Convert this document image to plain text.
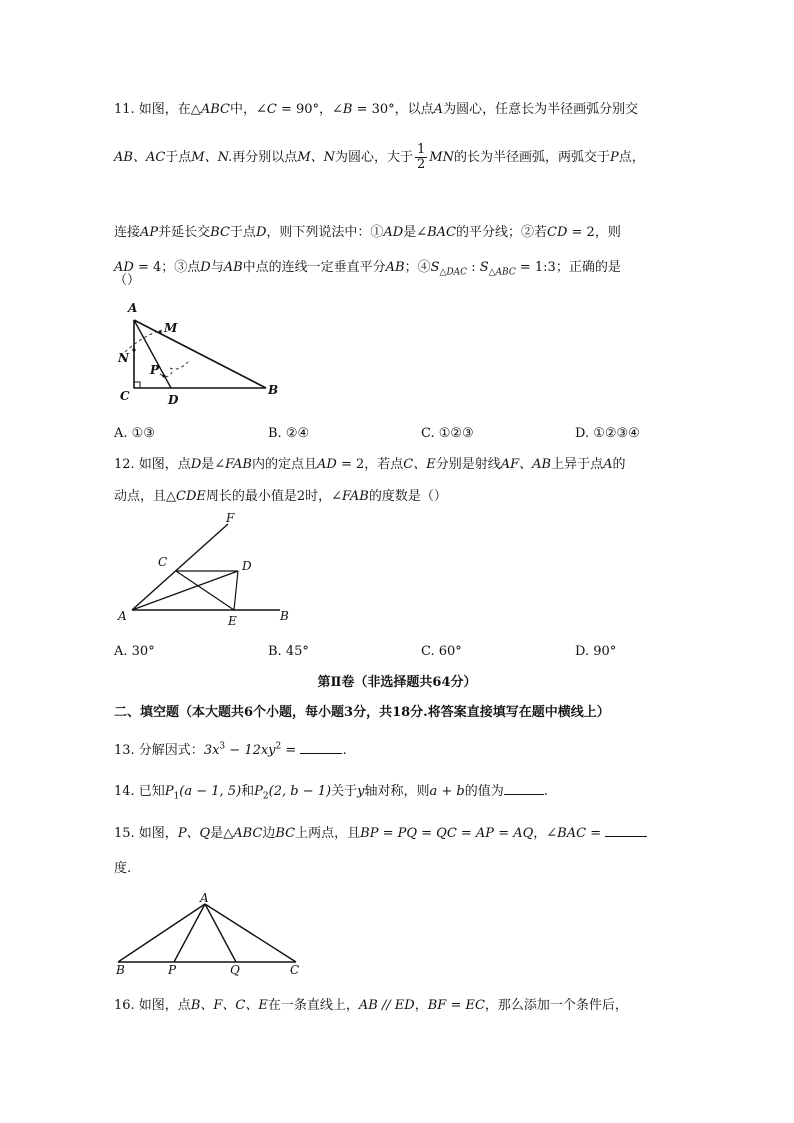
11. 如图，在△ABC中，∠C = 90°，∠B = 30°，以点A为圆心，任意长为半径画弧分别交
AB、AC于点M、N.再分别以点M、N为圆心，大于 $\frac{1}{2}$ MN的长为半径画弧，两弧交于P点，
连接AP并延长交BC于点D，则下列说法中：①AD是∠BAC的平分线；②若CD = 2，则
AD = 4；③点D与AB中点的连线一定垂直平分AB；$④S_{\triangle DAC}$ : $S_{\triangle ABC}$ = 1:3；正确的是
（）
A
M
N
P
C	D
B
A. ①③	B. ②④	C. ①②③	D. ①②③④
12. 如图，点D是∠FAB内的定点且AD = 2，若点C、E分别是射线AF、AB上异于点A的
动点，且△CDE周长的最小值是2时，∠FAB的度数是（）
F
C	D
A	E	B
A. 30°	B. 45°	C. 60°	D. 90°
第Ⅱ卷（非选择题共64分）
二、填空题（本大题共6个小题，每小题3分，共18分.将答案直接填写在题中横线上）
13. 分解因式：$3x^3 - 12xy^2$ =	.
14. 已知$P_1(a - 1$, 5)和$P_2(2$, b − 1)关于y轴对称，则a + b的值为	.
15. 如图，P、Q是△ABC边BC上两点，且BP = PQ = QC = AP = AQ，∠BAC =
度.
A
B	P	Q	C
16. 如图，点B、F、C、E在一条直线上，AB // ED，BF = EC，那么添加一个条件后，
